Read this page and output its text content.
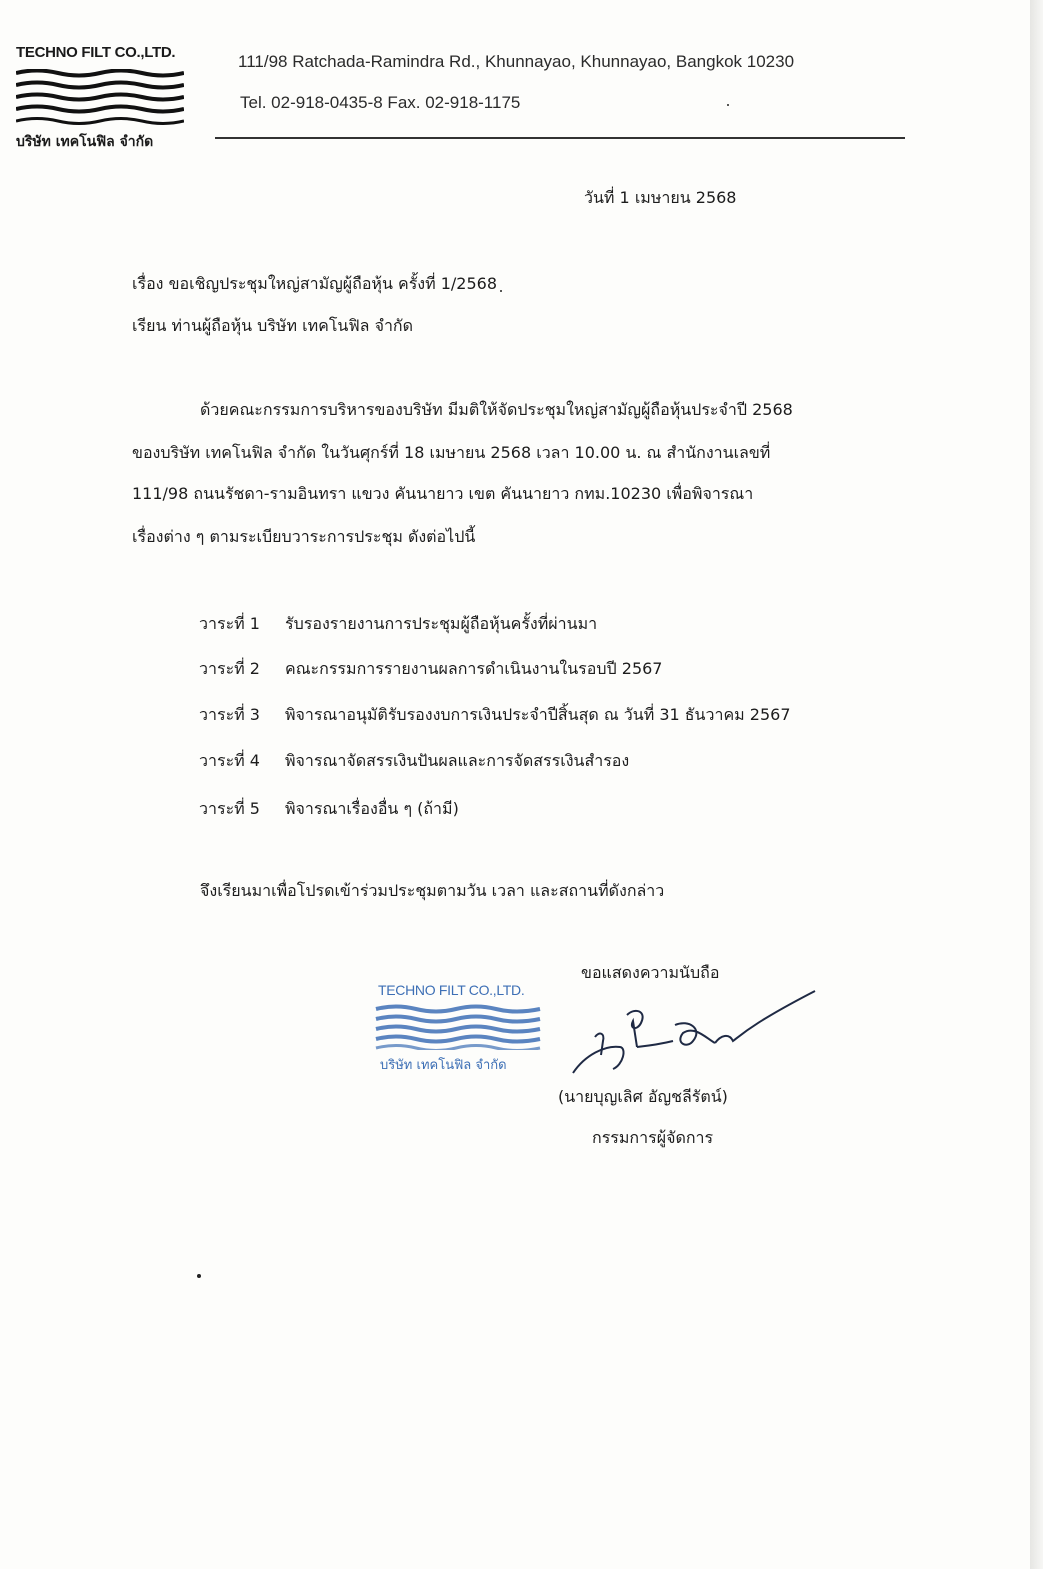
TECHNO FILT CO.,LTD.
บริษัท เทคโนฟิล จำกัด
111/98 Ratchada-Ramindra Rd., Khunnayao, Khunnayao, Bangkok 10230
Tel. 02-918-0435-8 Fax. 02-918-1175
วันที่ 1 เมษายน 2568
เรื่อง ขอเชิญประชุมใหญ่สามัญผู้ถือหุ้น ครั้งที่ 1/2568
เรียน ท่านผู้ถือหุ้น บริษัท เทคโนฟิล จำกัด
ด้วยคณะกรรมการบริหารของบริษัท มีมติให้จัดประชุมใหญ่สามัญผู้ถือหุ้นประจำปี 2568
ของบริษัท เทคโนฟิล จำกัด ในวันศุกร์ที่ 18 เมษายน 2568 เวลา 10.00 น. ณ สำนักงานเลขที่
111/98 ถนนรัชดา-รามอินทรา แขวง คันนายาว เขต คันนายาว กทม.10230 เพื่อพิจารณา
เรื่องต่าง ๆ ตามระเบียบวาระการประชุม ดังต่อไปนี้
วาระที่ 1 รับรองรายงานการประชุมผู้ถือหุ้นครั้งที่ผ่านมา
วาระที่ 2 คณะกรรมการรายงานผลการดำเนินงานในรอบปี 2567
วาระที่ 3 พิจารณาอนุมัติรับรองงบการเงินประจำปีสิ้นสุด ณ วันที่ 31 ธันวาคม 2567
วาระที่ 4 พิจารณาจัดสรรเงินปันผลและการจัดสรรเงินสำรอง
วาระที่ 5 พิจารณาเรื่องอื่น ๆ (ถ้ามี)
จึงเรียนมาเพื่อโปรดเข้าร่วมประชุมตามวัน เวลา และสถานที่ดังกล่าว
ขอแสดงความนับถือ
TECHNO FILT CO.,LTD.
บริษัท เทคโนฟิล จำกัด
(นายบุญเลิศ อัญชลีรัตน์)
กรรมการผู้จัดการ
